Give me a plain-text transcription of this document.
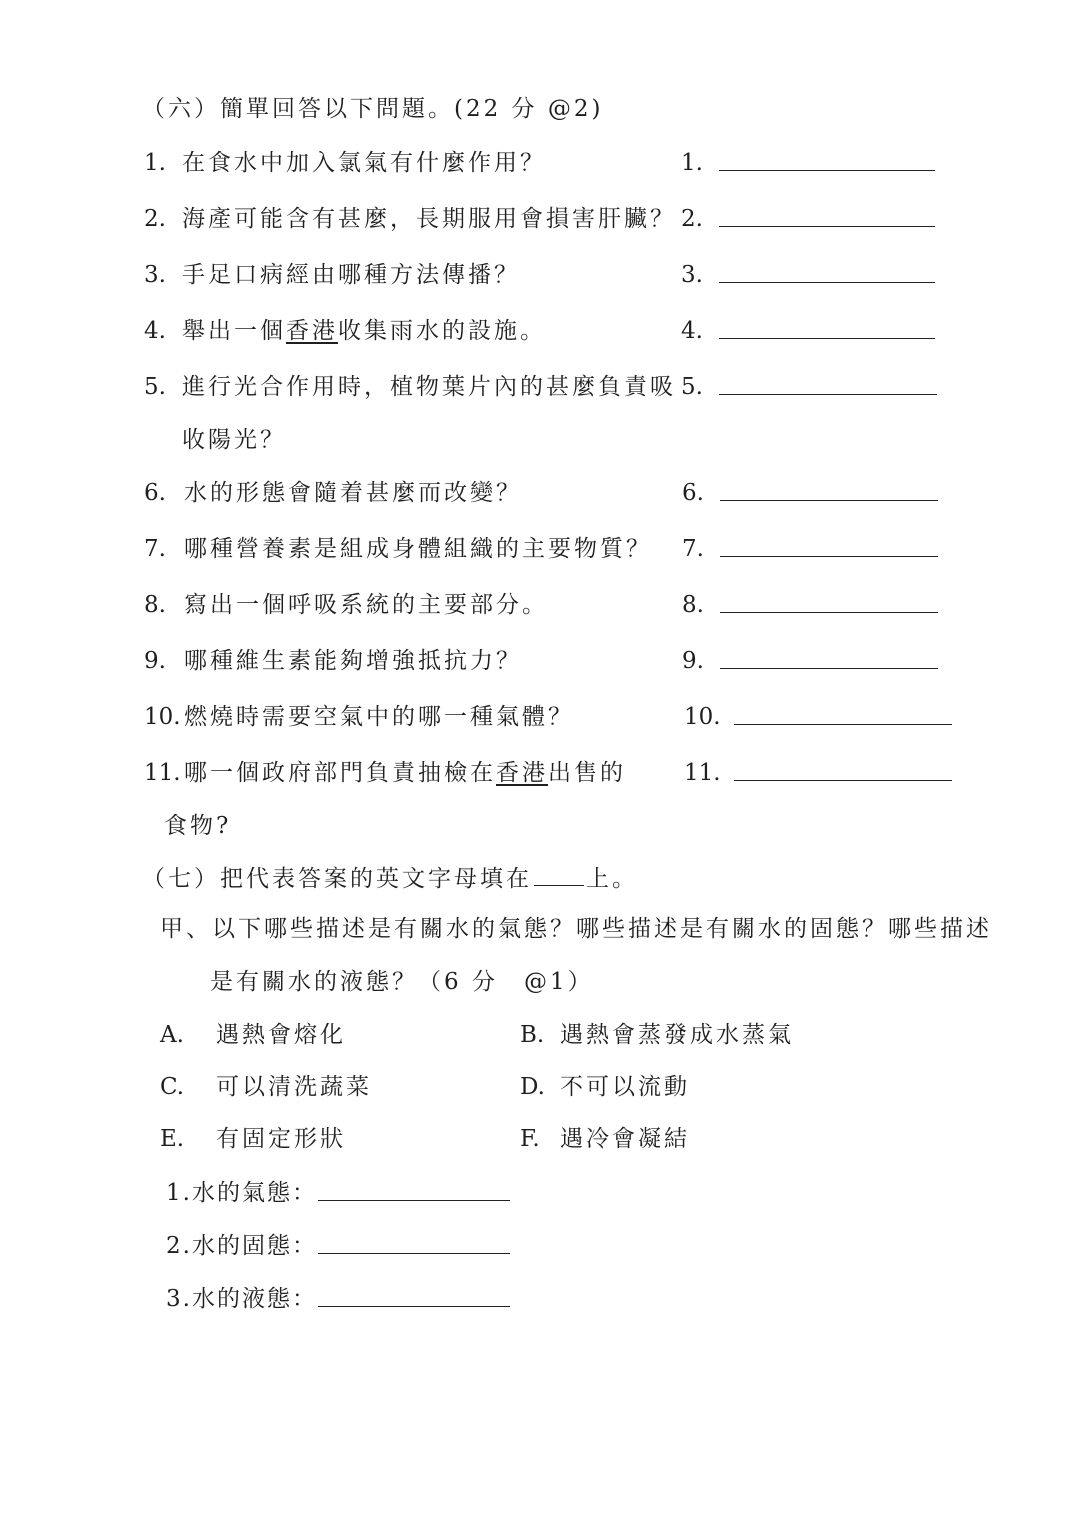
（六）簡單回答以下問題。(22 分 @2)
1. 在食水中加入氯氣有什麼作用？	1.
2. 海產可能含有甚麼，長期服用會損害肝臟？ 2.
3. 手足口病經由哪種方法傳播？	3.
4. 舉出一個香港收集雨水的設施。	4.
5. 進行光合作用時，植物葉片內的甚麼負責吸
收陽光？
5.
6. 水的形態會隨着甚麼而改變？	6.
7. 哪種營養素是組成身體組織的主要物質？ 7.
8. 寫出一個呼吸系統的主要部分。	8.
9. 哪種維生素能夠增強抵抗力？	9.
10. 燃燒時需要空氣中的哪一種氣體？	10.
11. 哪一個政府部門負責抽檢在香港出售的
食物?
11.
（七）把代表答案的英文字母填在 上。
甲、以下哪些描述是有關水的氣態？哪些描述是有關水的固態？哪些描述
是有關水的液態？（6 分　@1）
A. 遇熱會熔化	B. 遇熱會蒸發成水蒸氣
C. 可以清洗蔬菜	D. 不可以流動
E. 有固定形狀	F. 遇冷會凝結
1.水的氣態：
2.水的固態：
3.水的液態：
